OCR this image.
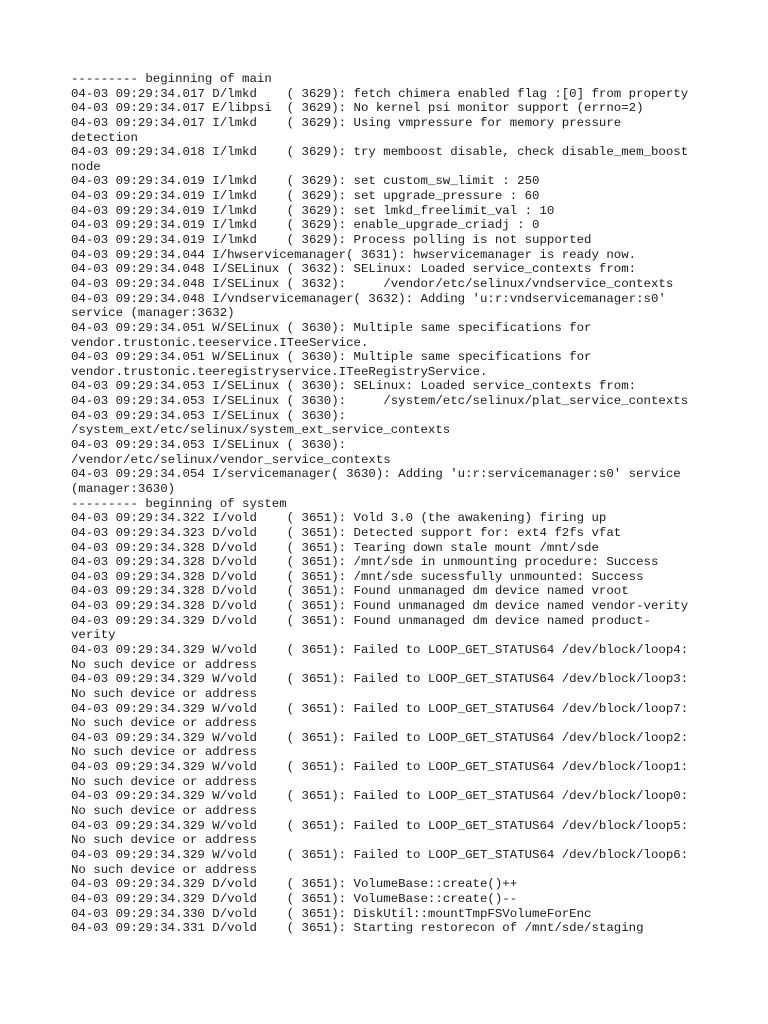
--------- beginning of main
04-03 09:29:34.017 D/lmkd    ( 3629): fetch chimera enabled flag :[0] from property
04-03 09:29:34.017 E/libpsi  ( 3629): No kernel psi monitor support (errno=2)
04-03 09:29:34.017 I/lmkd    ( 3629): Using vmpressure for memory pressure
detection
04-03 09:29:34.018 I/lmkd    ( 3629): try memboost disable, check disable_mem_boost
node
04-03 09:29:34.019 I/lmkd    ( 3629): set custom_sw_limit : 250
04-03 09:29:34.019 I/lmkd    ( 3629): set upgrade_pressure : 60
04-03 09:29:34.019 I/lmkd    ( 3629): set lmkd_freelimit_val : 10
04-03 09:29:34.019 I/lmkd    ( 3629): enable_upgrade_criadj : 0
04-03 09:29:34.019 I/lmkd    ( 3629): Process polling is not supported
04-03 09:29:34.044 I/hwservicemanager( 3631): hwservicemanager is ready now.
04-03 09:29:34.048 I/SELinux ( 3632): SELinux: Loaded service_contexts from:
04-03 09:29:34.048 I/SELinux ( 3632):     /vendor/etc/selinux/vndservice_contexts
04-03 09:29:34.048 I/vndservicemanager( 3632): Adding 'u:r:vndservicemanager:s0'
service (manager:3632)
04-03 09:29:34.051 W/SELinux ( 3630): Multiple same specifications for
vendor.trustonic.teeservice.ITeeService.
04-03 09:29:34.051 W/SELinux ( 3630): Multiple same specifications for
vendor.trustonic.teeregistryservice.ITeeRegistryService.
04-03 09:29:34.053 I/SELinux ( 3630): SELinux: Loaded service_contexts from:
04-03 09:29:34.053 I/SELinux ( 3630):     /system/etc/selinux/plat_service_contexts
04-03 09:29:34.053 I/SELinux ( 3630):
/system_ext/etc/selinux/system_ext_service_contexts
04-03 09:29:34.053 I/SELinux ( 3630):
/vendor/etc/selinux/vendor_service_contexts
04-03 09:29:34.054 I/servicemanager( 3630): Adding 'u:r:servicemanager:s0' service
(manager:3630)
--------- beginning of system
04-03 09:29:34.322 I/vold    ( 3651): Vold 3.0 (the awakening) firing up
04-03 09:29:34.323 D/vold    ( 3651): Detected support for: ext4 f2fs vfat
04-03 09:29:34.328 D/vold    ( 3651): Tearing down stale mount /mnt/sde
04-03 09:29:34.328 D/vold    ( 3651): /mnt/sde in unmounting procedure: Success
04-03 09:29:34.328 D/vold    ( 3651): /mnt/sde sucessfully unmounted: Success
04-03 09:29:34.328 D/vold    ( 3651): Found unmanaged dm device named vroot
04-03 09:29:34.328 D/vold    ( 3651): Found unmanaged dm device named vendor-verity
04-03 09:29:34.329 D/vold    ( 3651): Found unmanaged dm device named product-
verity
04-03 09:29:34.329 W/vold    ( 3651): Failed to LOOP_GET_STATUS64 /dev/block/loop4:
No such device or address
04-03 09:29:34.329 W/vold    ( 3651): Failed to LOOP_GET_STATUS64 /dev/block/loop3:
No such device or address
04-03 09:29:34.329 W/vold    ( 3651): Failed to LOOP_GET_STATUS64 /dev/block/loop7:
No such device or address
04-03 09:29:34.329 W/vold    ( 3651): Failed to LOOP_GET_STATUS64 /dev/block/loop2:
No such device or address
04-03 09:29:34.329 W/vold    ( 3651): Failed to LOOP_GET_STATUS64 /dev/block/loop1:
No such device or address
04-03 09:29:34.329 W/vold    ( 3651): Failed to LOOP_GET_STATUS64 /dev/block/loop0:
No such device or address
04-03 09:29:34.329 W/vold    ( 3651): Failed to LOOP_GET_STATUS64 /dev/block/loop5:
No such device or address
04-03 09:29:34.329 W/vold    ( 3651): Failed to LOOP_GET_STATUS64 /dev/block/loop6:
No such device or address
04-03 09:29:34.329 D/vold    ( 3651): VolumeBase::create()++
04-03 09:29:34.329 D/vold    ( 3651): VolumeBase::create()--
04-03 09:29:34.330 D/vold    ( 3651): DiskUtil::mountTmpFSVolumeForEnc
04-03 09:29:34.331 D/vold    ( 3651): Starting restorecon of /mnt/sde/staging
